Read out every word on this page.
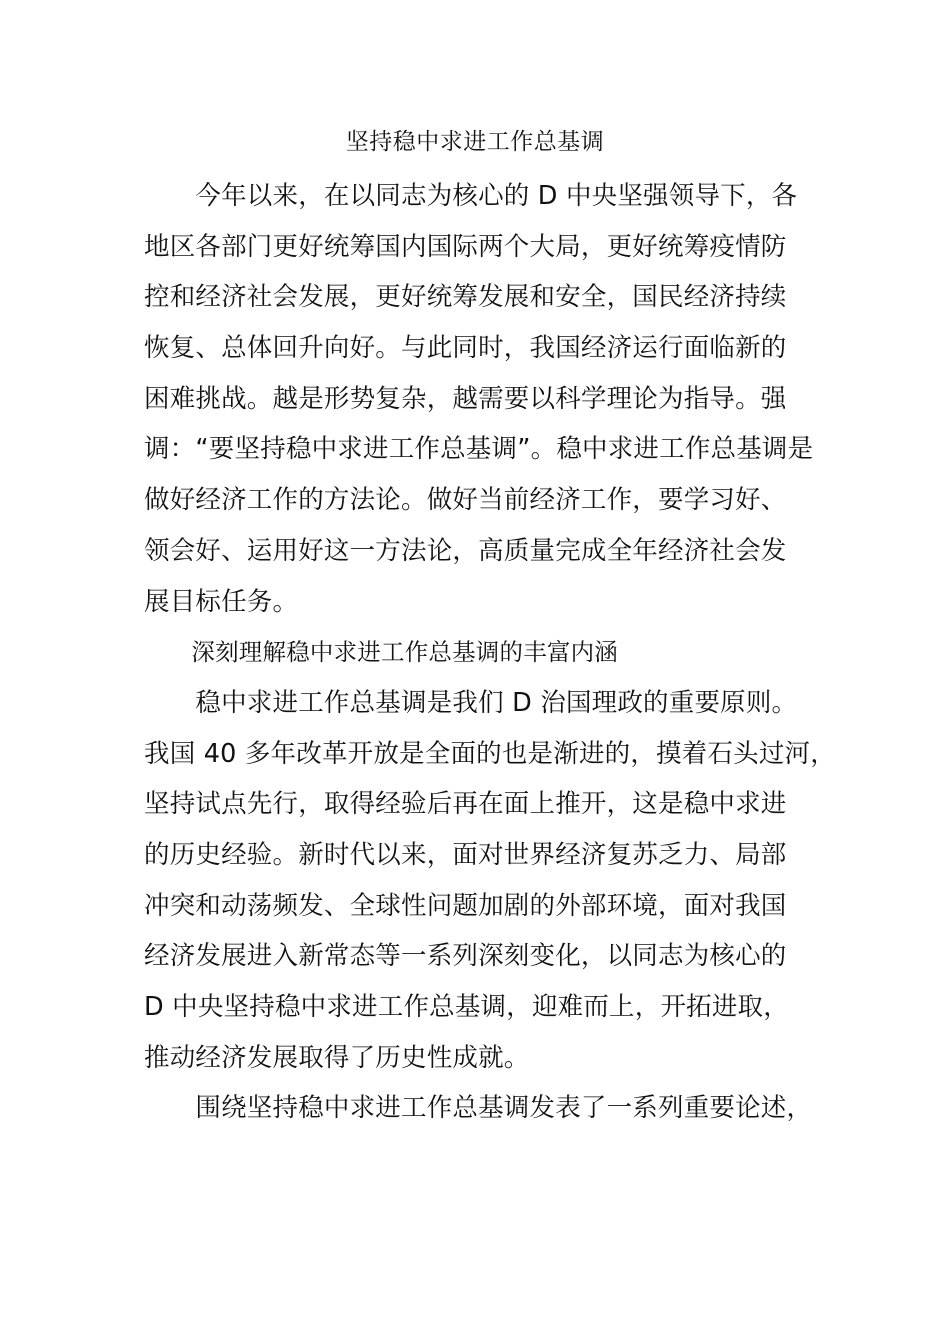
坚持稳中求进工作总基调
　　今年以来，在以同志为核心的 D 中央坚强领导下，各
地区各部门更好统筹国内国际两个大局，更好统筹疫情防
控和经济社会发展，更好统筹发展和安全，国民经济持续
恢复、总体回升向好。与此同时，我国经济运行面临新的
困难挑战。越是形势复杂，越需要以科学理论为指导。强
调：“要坚持稳中求进工作总基调”。稳中求进工作总基调是
做好经济工作的方法论。做好当前经济工作，要学习好、
领会好、运用好这一方法论，高质量完成全年经济社会发
展目标任务。
　　深刻理解稳中求进工作总基调的丰富内涵
　　稳中求进工作总基调是我们 D 治国理政的重要原则。
我国 40 多年改革开放是全面的也是渐进的，摸着石头过河，
坚持试点先行，取得经验后再在面上推开，这是稳中求进
的历史经验。新时代以来，面对世界经济复苏乏力、局部
冲突和动荡频发、全球性问题加剧的外部环境，面对我国
经济发展进入新常态等一系列深刻变化，以同志为核心的
D 中央坚持稳中求进工作总基调，迎难而上，开拓进取，
推动经济发展取得了历史性成就。
　　围绕坚持稳中求进工作总基调发表了一系列重要论述，
